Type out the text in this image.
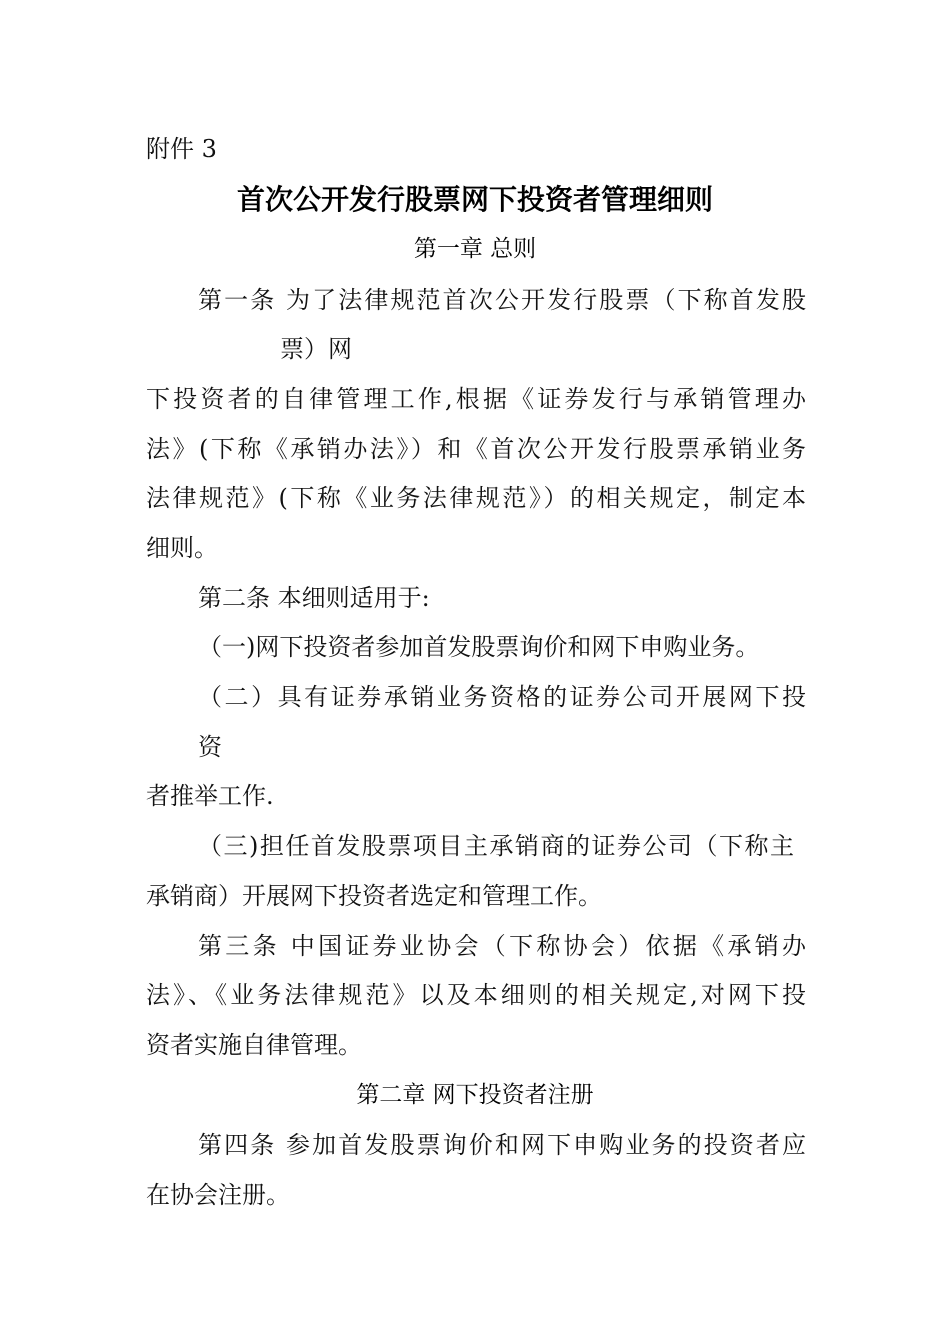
附件 3
首次公开发行股票网下投资者管理细则
第一章 总则
第一条 为了法律规范首次公开发行股票（下称首发股
票）网
下投资者的自律管理工作,根据《证券发行与承销管理办
法》(下称《承销办法》）和《首次公开发行股票承销业务
法律规范》(下称《业务法律规范》）的相关规定，制定本
细则。
第二条 本细则适用于:
（一)网下投资者参加首发股票询价和网下申购业务。
（二）具有证券承销业务资格的证券公司开展网下投
资
者推举工作.
（三)担任首发股票项目主承销商的证券公司（下称主
承销商）开展网下投资者选定和管理工作。
第三条 中国证券业协会（下称协会）依据《承销办
法》、《业务法律规范》以及本细则的相关规定,对网下投
资者实施自律管理。
第二章 网下投资者注册
第四条 参加首发股票询价和网下申购业务的投资者应
在协会注册。
